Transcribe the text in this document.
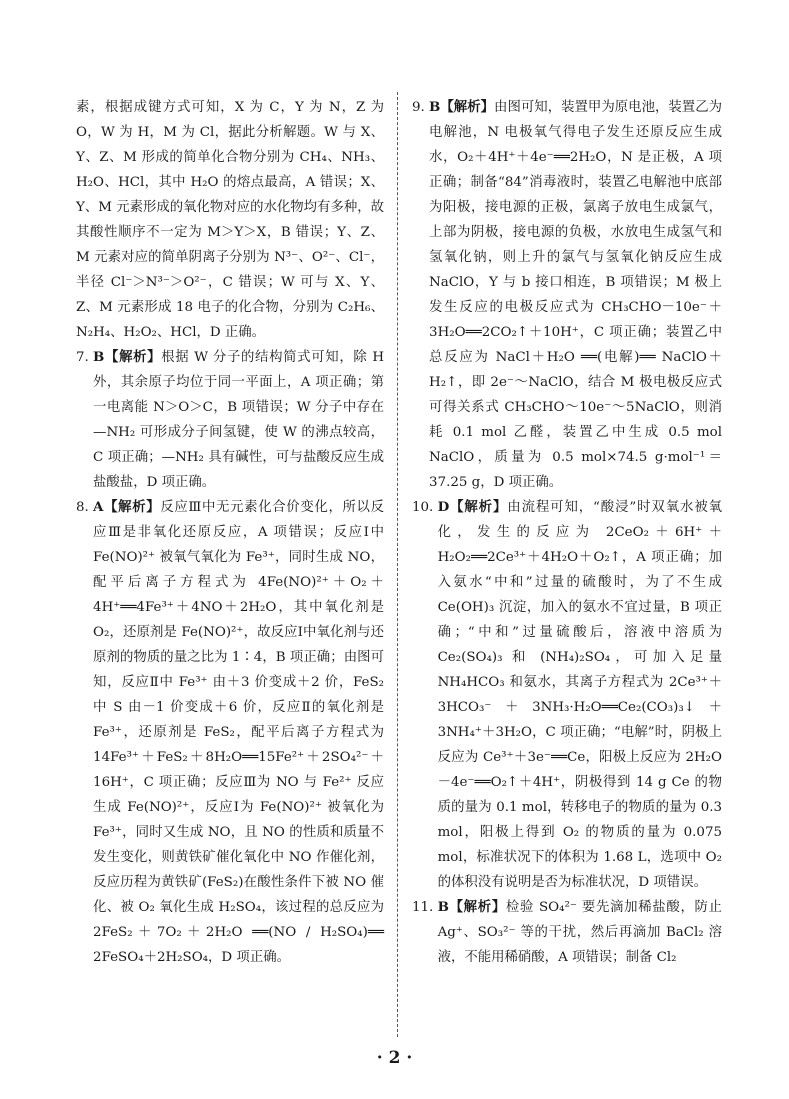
素，根据成键方式可知，X 为 C，Y 为 N，Z 为 O，W 为 H，M 为 Cl，据此分析解题。W 与 X、Y、Z、M 形成的简单化合物分别为 CH₄、NH₃、H₂O、HCl，其中 H₂O 的熔点最高，A 错误；X、Y、M 元素形成的氧化物对应的水化物均有多种，故其酸性顺序不一定为 M＞Y＞X，B 错误；Y、Z、M 元素对应的简单阴离子分别为 N³⁻、O²⁻、Cl⁻，半径 Cl⁻＞N³⁻＞O²⁻，C 错误；W 可与 X、Y、Z、M 元素形成 18 电子的化合物，分别为 C₂H₆、N₂H₄、H₂O₂、HCl，D 正确。

7. B【解析】根据 W 分子的结构简式可知，除 H 外，其余原子均位于同一平面上，A 项正确；第一电离能 N＞O＞C，B 项错误；W 分子中存在—NH₂ 可形成分子间氢键，使 W 的沸点较高，C 项正确；—NH₂ 具有碱性，可与盐酸反应生成盐酸盐，D 项正确。
8. A【解析】反应Ⅲ中无元素化合价变化，所以反应Ⅲ是非氧化还原反应，A 项错误；反应Ⅰ中 Fe(NO)²⁺ 被氧气氧化为 Fe³⁺，同时生成 NO，配平后离子方程式为 4Fe(NO)²⁺＋O₂＋4H⁺══4Fe³⁺＋4NO＋2H₂O，其中氧化剂是 O₂，还原剂是 Fe(NO)²⁺，故反应Ⅰ中氧化剂与还原剂的物质的量之比为 1∶4，B 项正确；由图可知，反应Ⅱ中 Fe³⁺ 由＋3 价变成＋2 价，FeS₂ 中 S 由－1 价变成＋6 价，反应Ⅱ的氧化剂是 Fe³⁺，还原剂是 FeS₂，配平后离子方程式为 14Fe³⁺＋FeS₂＋8H₂O══15Fe²⁺＋2SO₄²⁻＋16H⁺，C 项正确；反应Ⅲ为 NO 与 Fe²⁺ 反应生成 Fe(NO)²⁺，反应Ⅰ为 Fe(NO)²⁺ 被氧化为 Fe³⁺，同时又生成 NO，且 NO 的性质和质量不发生变化，则黄铁矿催化氧化中 NO 作催化剂，反应历程为黄铁矿(FeS₂)在酸性条件下被 NO 催化、被 O₂ 氧化生成 H₂SO₄，该过程的总反应为 2FeS₂＋7O₂＋2H₂O ══(NO / H₂SO₄)══ 2FeSO₄＋2H₂SO₄，D 项正确。
9. B【解析】由图可知，装置甲为原电池，装置乙为电解池，N 电极氧气得电子发生还原反应生成水，O₂＋4H⁺＋4e⁻══2H₂O，N 是正极，A 项正确；制备“84”消毒液时，装置乙电解池中底部为阳极，接电源的正极，氯离子放电生成氯气，上部为阴极，接电源的负极，水放电生成氢气和氢氧化钠，则上升的氯气与氢氧化钠反应生成 NaClO，Y 与 b 接口相连，B 项错误；M 极上发生反应的电极反应式为 CH₃CHO－10e⁻＋3H₂O══2CO₂↑＋10H⁺，C 项正确；装置乙中总反应为 NaCl＋H₂O ══(电解)══ NaClO＋H₂↑，即 2e⁻～NaClO，结合 M 极电极反应式可得关系式 CH₃CHO～10e⁻～5NaClO，则消耗 0.1 mol 乙醛，装置乙中生成 0.5 mol NaClO，质量为 0.5 mol×74.5 g·mol⁻¹＝37.25 g，D 项正确。
10. D【解析】由流程可知，“酸浸”时双氧水被氧化，发生的反应为 2CeO₂＋6H⁺＋H₂O₂══2Ce³⁺＋4H₂O＋O₂↑，A 项正确；加入氨水“中和”过量的硫酸时，为了不生成 Ce(OH)₃ 沉淀，加入的氨水不宜过量，B 项正确；“中和”过量硫酸后，溶液中溶质为 Ce₂(SO₄)₃ 和 (NH₄)₂SO₄，可加入足量 NH₄HCO₃ 和氨水，其离子方程式为 2Ce³⁺＋3HCO₃⁻＋3NH₃·H₂O══Ce₂(CO₃)₃↓＋3NH₄⁺＋3H₂O，C 项正确；“电解”时，阴极上反应为 Ce³⁺＋3e⁻══Ce，阳极上反应为 2H₂O－4e⁻══O₂↑＋4H⁺，阴极得到 14 g Ce 的物质的量为 0.1 mol，转移电子的物质的量为 0.3 mol，阳极上得到 O₂ 的物质的量为 0.075 mol，标准状况下的体积为 1.68 L，选项中 O₂ 的体积没有说明是否为标准状况，D 项错误。
11. B【解析】检验 SO₄²⁻ 要先滴加稀盐酸，防止 Ag⁺、SO₃²⁻ 等的干扰，然后再滴加 BaCl₂ 溶液，不能用稀硝酸，A 项错误；制备 Cl₂
· 2 ·
